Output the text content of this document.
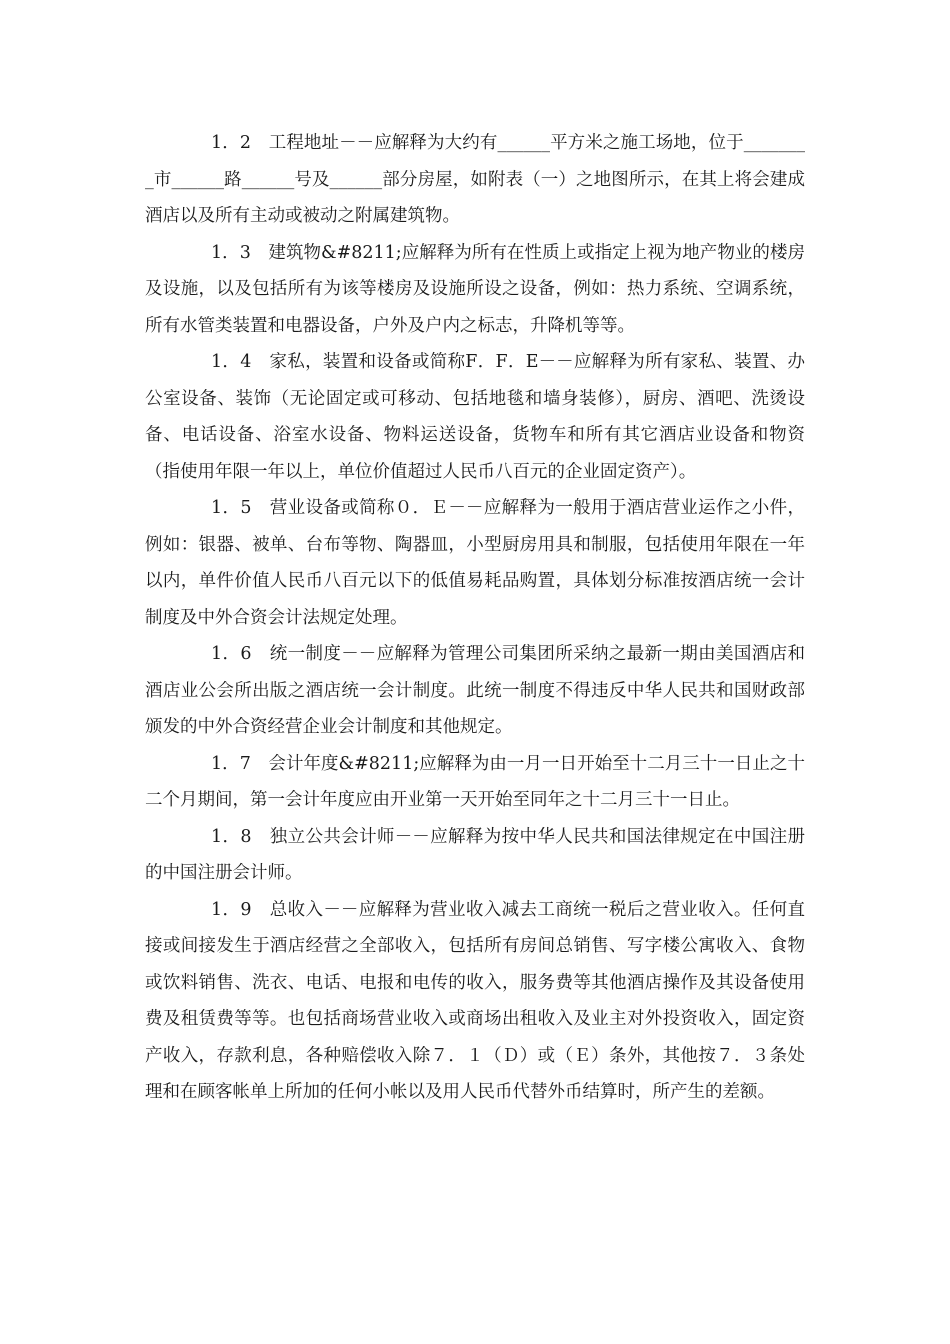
1．2　工程地址－－应解释为大约有______平方米之施工场地，位于________市______路______号及______部分房屋，如附表（一）之地图所示，在其上将会建成酒店以及所有主动或被动之附属建筑物。

1．3　建筑物&#8211;应解释为所有在性质上或指定上视为地产物业的楼房及设施，以及包括所有为该等楼房及设施所设之设备，例如：热力系统、空调系统，所有水管类装置和电器设备，户外及户内之标志，升降机等等。

1．4　家私，装置和设备或简称F．F．E－－应解释为所有家私、装置、办公室设备、装饰（无论固定或可移动、包括地毯和墙身装修），厨房、酒吧、洗烫设备、电话设备、浴室水设备、物料运送设备，货物车和所有其它酒店业设备和物资（指使用年限一年以上，单位价值超过人民币八百元的企业固定资产）。

1．5　营业设备或简称０．Ｅ－－应解释为一般用于酒店营业运作之小件，例如：银器、被单、台布等物、陶器皿，小型厨房用具和制服，包括使用年限在一年以内，单件价值人民币八百元以下的低值易耗品购置，具体划分标准按酒店统一会计制度及中外合资会计法规定处理。

1．6　统一制度－－应解释为管理公司集团所采纳之最新一期由美国酒店和酒店业公会所出版之酒店统一会计制度。此统一制度不得违反中华人民共和国财政部颁发的中外合资经营企业会计制度和其他规定。

1．7　会计年度&#8211;应解释为由一月一日开始至十二月三十一日止之十二个月期间，第一会计年度应由开业第一天开始至同年之十二月三十一日止。

1．8　独立公共会计师－－应解释为按中华人民共和国法律规定在中国注册的中国注册会计师。

1．9　总收入－－应解释为营业收入减去工商统一税后之营业收入。任何直接或间接发生于酒店经营之全部收入，包括所有房间总销售、写字楼公寓收入、食物或饮料销售、洗衣、电话、电报和电传的收入，服务费等其他酒店操作及其设备使用费及租赁费等等。也包括商场营业收入或商场出租收入及业主对外投资收入，固定资产收入，存款利息，各种赔偿收入除７．１（Ｄ）或（Ｅ）条外，其他按７．３条处理和在顾客帐单上所加的任何小帐以及用人民币代替外币结算时，所产生的差额。
